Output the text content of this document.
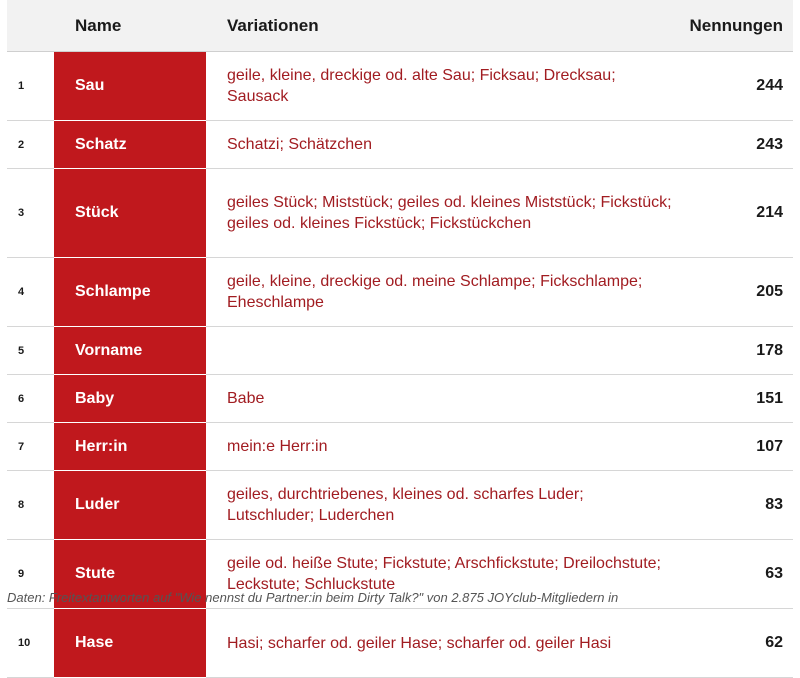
	Name	Variationen	Nennungen
1	Sau	geile, kleine, dreckige od. alte Sau; Ficksau; Drecksau; Sausack	244
2	Schatz	Schatzi; Schätzchen	243
3	Stück	geiles Stück; Miststück; geiles od. kleines Miststück; Fickstück; geiles od. kleines Fickstück; Fickstückchen	214
4	Schlampe	geile, kleine, dreckige od. meine Schlampe; Fickschlampe; Eheschlampe	205
5	Vorname		178
6	Baby	Babe	151
7	Herr:in	mein:e Herr:in	107
8	Luder	geiles, durchtriebenes, kleines od. scharfes Luder; Lutschluder; Luderchen	83
9	Stute	geile od. heiße Stute; Fickstute; Arschfickstute; Dreilochstute; Leckstute; Schluckstute	63
10	Hase	Hasi; scharfer od. geiler Hase; scharfer od. geiler Hasi	62
Daten: Freitextantworten auf "Wie nennst du Partner:in beim Dirty Talk?" von 2.875 JOYclub-Mitgliedern in
